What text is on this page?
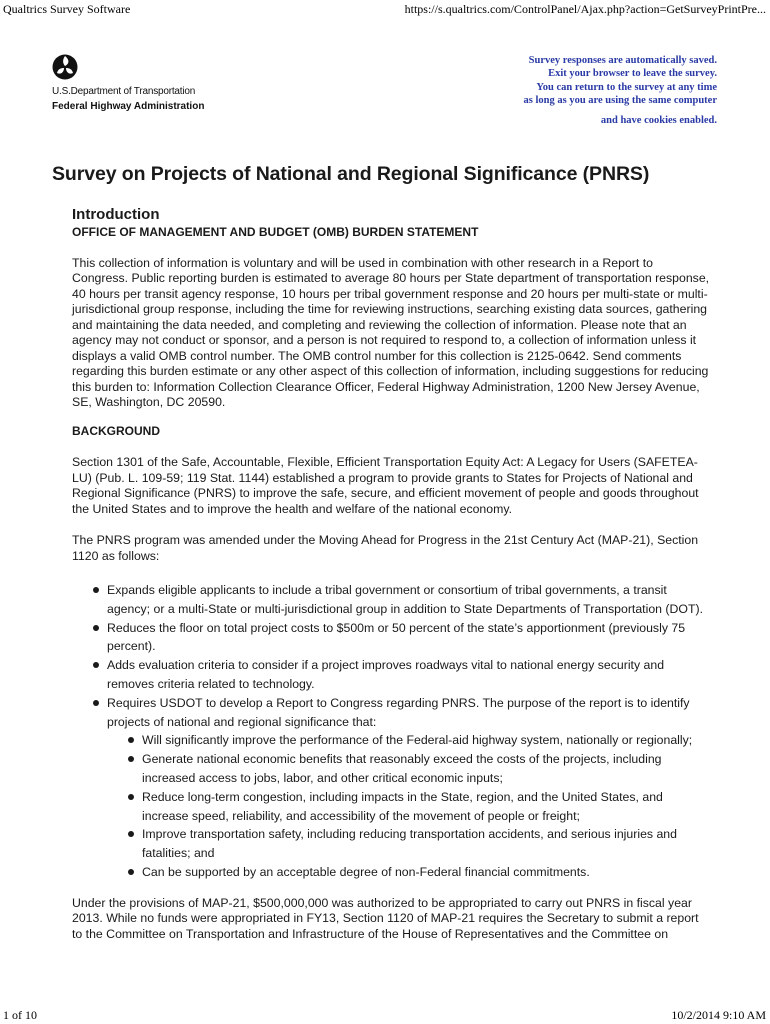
Qualtrics Survey Software	https://s.qualtrics.com/ControlPanel/Ajax.php?action=GetSurveyPrintPre...
U.S.Department of Transportation
Federal Highway Administration
Survey responses are automatically saved.
Exit your browser to leave the survey.
You can return to the survey at any time
as long as you are using the same computer
and have cookies enabled.
Survey on Projects of National and Regional Significance (PNRS)
Introduction
OFFICE OF MANAGEMENT AND BUDGET (OMB) BURDEN STATEMENT

This collection of information is voluntary and will be used in combination with other research in a Report to Congress. Public reporting burden is estimated to average 80 hours per State department of transportation response, 40 hours per transit agency response, 10 hours per tribal government response and 20 hours per multi-state or multi-jurisdictional group response, including the time for reviewing instructions, searching existing data sources, gathering and maintaining the data needed, and completing and reviewing the collection of information. Please note that an agency may not conduct or sponsor, and a person is not required to respond to, a collection of information unless it displays a valid OMB control number. The OMB control number for this collection is 2125-0642. Send comments regarding this burden estimate or any other aspect of this collection of information, including suggestions for reducing this burden to: Information Collection Clearance Officer, Federal Highway Administration, 1200 New Jersey Avenue, SE, Washington, DC 20590.

BACKGROUND

Section 1301 of the Safe, Accountable, Flexible, Efficient Transportation Equity Act: A Legacy for Users (SAFETEA-LU) (Pub. L. 109-59; 119 Stat. 1144) established a program to provide grants to States for Projects of National and Regional Significance (PNRS) to improve the safe, secure, and efficient movement of people and goods throughout the United States and to improve the health and welfare of the national economy.

The PNRS program was amended under the Moving Ahead for Progress in the 21st Century Act (MAP-21), Section 1120 as follows:

Expands eligible applicants to include a tribal government or consortium of tribal governments, a transit agency; or a multi-State or multi-jurisdictional group in addition to State Departments of Transportation (DOT).
Reduces the floor on total project costs to $500m or 50 percent of the state’s apportionment (previously 75 percent).
Adds evaluation criteria to consider if a project improves roadways vital to national energy security and removes criteria related to technology.
Requires USDOT to develop a Report to Congress regarding PNRS. The purpose of the report is to identify projects of national and regional significance that:
Will significantly improve the performance of the Federal-aid highway system, nationally or regionally;
Generate national economic benefits that reasonably exceed the costs of the projects, including increased access to jobs, labor, and other critical economic inputs;
Reduce long-term congestion, including impacts in the State, region, and the United States, and increase speed, reliability, and accessibility of the movement of people or freight;
Improve transportation safety, including reducing transportation accidents, and serious injuries and fatalities; and
Can be supported by an acceptable degree of non-Federal financial commitments.

Under the provisions of MAP-21, $500,000,000 was authorized to be appropriated to carry out PNRS in fiscal year 2013. While no funds were appropriated in FY13, Section 1120 of MAP-21 requires the Secretary to submit a report to the Committee on Transportation and Infrastructure of the House of Representatives and the Committee on

1 of 10	10/2/2014 9:10 AM
